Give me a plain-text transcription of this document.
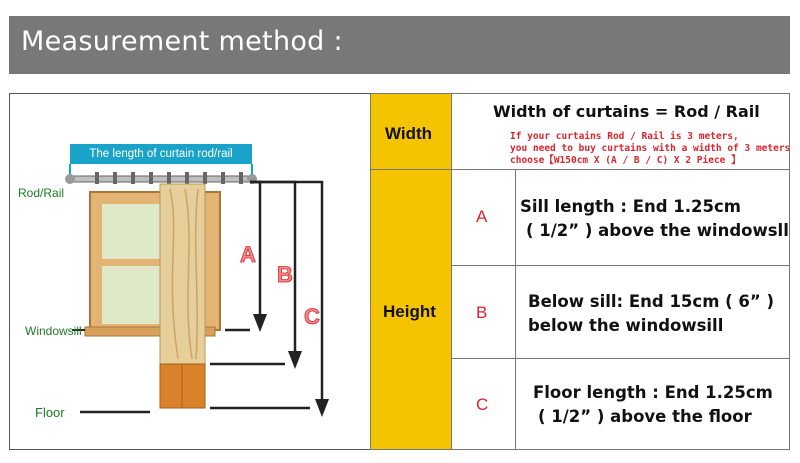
Measurement method :
A
B
C
The length of curtain rod/rail
Rod/Rail
Windowsill
Floor
Width
Width of curtains = Rod / Rail
If your curtains Rod / Rail is 3 meters,
you need to buy curtains with a width of 3 meters
choose【W150cm X (A / B / C) X 2 Piece 】
Height
A
Sill length : End 1.25cm
( 1/2” ) above the windowsll
B
Below sill: End 15cm ( 6” )
below the windowsill
C
Floor length : End 1.25cm
( 1/2” ) above the floor
